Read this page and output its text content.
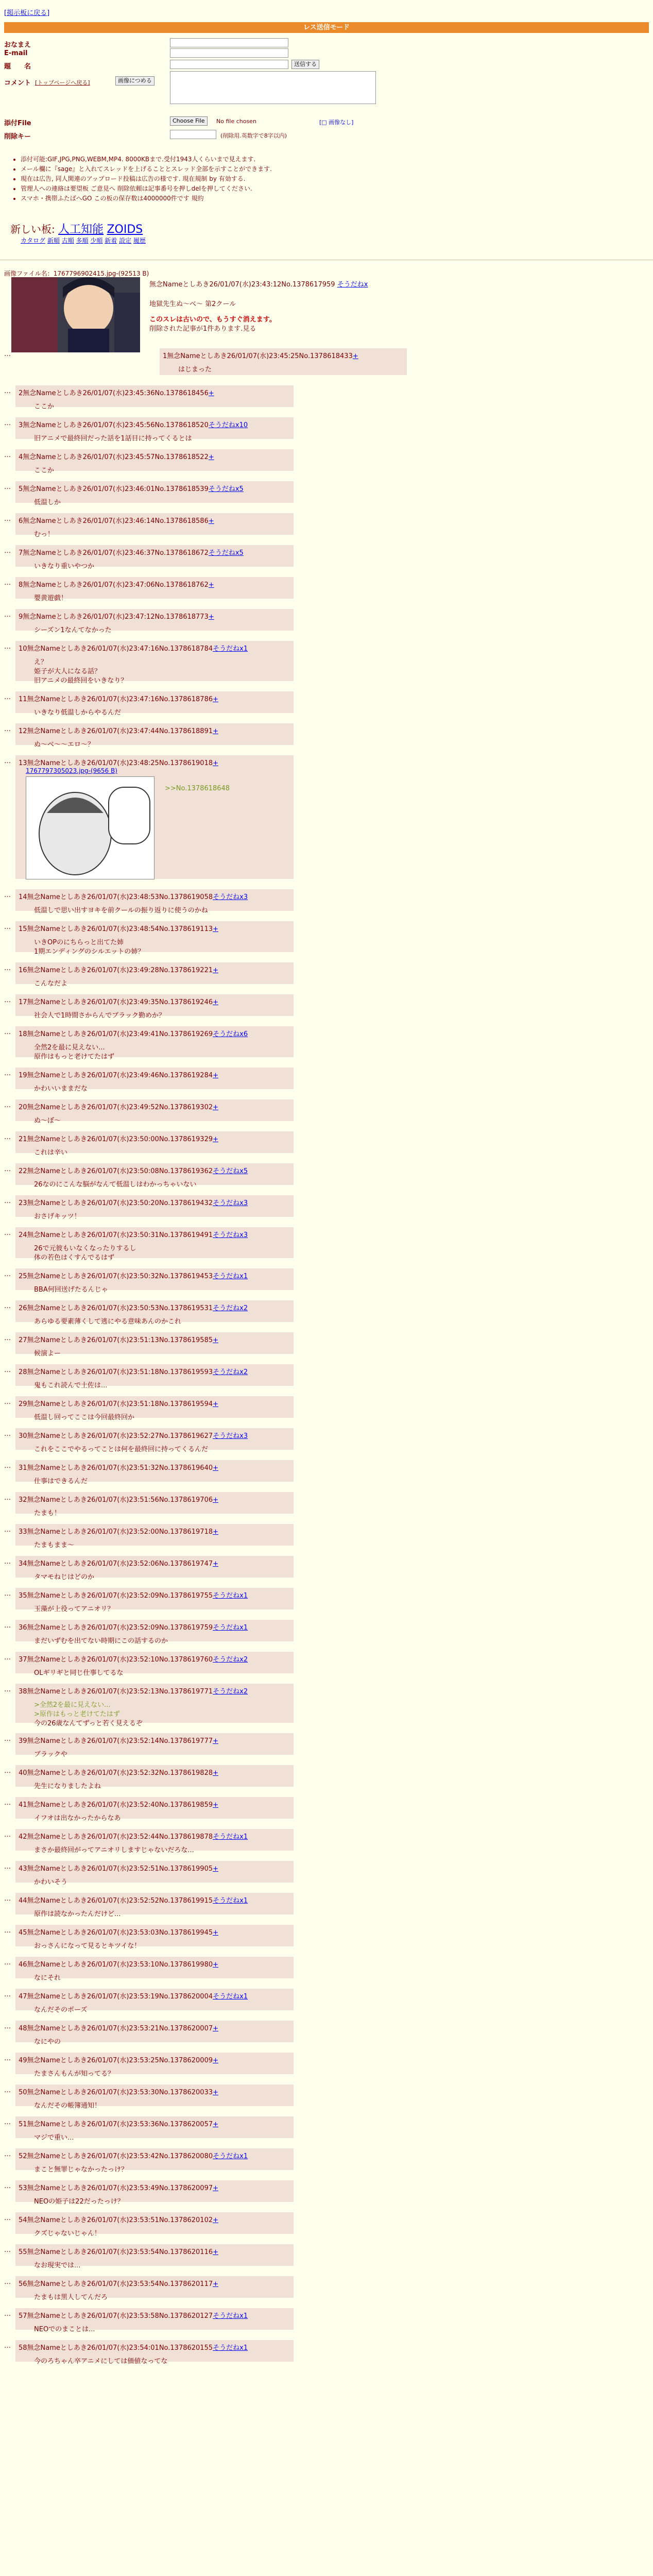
[掲示板に戻る]
レス送信モード
おなまえ
E-mail
題　　名	送信する
コメント [トップページへ戻る]	画像につめる
添付File	Choose File	No file chosen	[□ 画像なし]
削除キー	(削除用.英数字で8字以内)
• 添付可能:GIF,JPG,PNG,WEBM,MP4. 8000KBまで.受付1943人くらいまで見えます.
• メール欄に『sage』と入れてスレッドを上げることとスレッド全部を示すことができます.
• 現在は広告, 同人関連のアップロード投稿は広告の様です. 現在規制 by 有効する.
• 管理人への連絡は要望板 ご意見へ 削除依頼は記事番号を押しdelを押してください.
• スマホ・携帯ふたばへGO この板の保存数は4000000件です 規約
新しい板: 人工知能 ZOIDS
カタログ 新順 古順 多順 少順 新着 設定 履歴
画像ファイル名：1767796902415.jpg-(92513 B)
無念Nameとしあき26/01/07(水)23:43:12No.1378617959 そうだねx
地獄先生ぬ〜べ〜 第2クール
このスレは古いので、もうすぐ消えます。
削除された記事が1件あります.見る
…	1無念Nameとしあき26/01/07(水)23:45:25No.1378618433+
はじまった
… 2無念Nameとしあき26/01/07(水)23:45:36No.1378618456+
ここか
… 3無念Nameとしあき26/01/07(水)23:45:56No.1378618520そうだねx10
旧アニメで最終回だった話を1話目に持ってくるとは
… 4無念Nameとしあき26/01/07(水)23:45:57No.1378618522+
ここか
… 5無念Nameとしあき26/01/07(水)23:46:01No.1378618539そうだねx5
低温しか
… 6無念Nameとしあき26/01/07(水)23:46:14No.1378618586+
むっ！
… 7無念Nameとしあき26/01/07(水)23:46:37No.1378618672そうだねx5
いきなり重いやつか
… 8無念Nameとしあき26/01/07(水)23:47:06No.1378618762+
嬰黄遊戯！
… 9無念Nameとしあき26/01/07(水)23:47:12No.1378618773+
シーズン1なんてなかった
… 10無念Nameとしあき26/01/07(水)23:47:16No.1378618784そうだねx1
え？
姫子が大人になる話？
旧アニメの最終回をいきなり？
… 11無念Nameとしあき26/01/07(水)23:47:16No.1378618786+
いきなり低温しからやるんだ
… 12無念Nameとしあき26/01/07(水)23:47:44No.1378618891+
ぬ〜べ〜〜エロ〜？
… 13無念Nameとしあき26/01/07(水)23:48:25No.1378619018+
1767797305023.jpg-(9656 B)
>>No.1378618648
… 14無念Nameとしあき26/01/07(水)23:48:53No.1378619058そうだねx3
低温しで思い出すヨキを前クールの振り返りに使うのかね
… 15無念Nameとしあき26/01/07(水)23:48:54No.1378619113+
いきOPのにちらっと出てた姉
1期エンディングのシルエットの姉？
… 16無念Nameとしあき26/01/07(水)23:49:28No.1378619221+
こんなだよ
… 17無念Nameとしあき26/01/07(水)23:49:35No.1378619246+
社会人で1時間さからんでブラック勤めか？
… 18無念Nameとしあき26/01/07(水)23:49:41No.1378619269そうだねx6
全然2を最に見えない...
原作はもっと老けてたはず
… 19無念Nameとしあき26/01/07(水)23:49:46No.1378619284+
かわいいままだな
… 20無念Nameとしあき26/01/07(水)23:49:52No.1378619302+
ぬ〜ぼ〜
… 21無念Nameとしあき26/01/07(水)23:50:00No.1378619329+
これは辛い
… 22無念Nameとしあき26/01/07(水)23:50:08No.1378619362そうだねx5
26なのにこんな脳がなんて低温しはわかっちゃいない
… 23無念Nameとしあき26/01/07(水)23:50:20No.1378619432そうだねx3
おさげキッツ！
… 24無念Nameとしあき26/01/07(水)23:50:31No.1378619491そうだねx3
26で元彼もいなくなったりするし
体の若色はくすんでるはず
… 25無念Nameとしあき26/01/07(水)23:50:32No.1378619453そうだねx1
BBA何回送げたるんじゃ
… 26無念Nameとしあき26/01/07(水)23:50:53No.1378619531そうだねx2
あらゆる要素薄くして逃にやる意味あんのかこれ
… 27無念Nameとしあき26/01/07(水)23:51:13No.1378619585+
候演よー
… 28無念Nameとしあき26/01/07(水)23:51:18No.1378619593そうだねx2
鬼もこれ読んで土佐は...
… 29無念Nameとしあき26/01/07(水)23:51:18No.1378619594+
低温し回ってここは今回最終回か
… 30無念Nameとしあき26/01/07(水)23:52:27No.1378619627そうだねx3
これをここでやるってことは何を最終回に持ってくるんだ
… 31無念Nameとしあき26/01/07(水)23:51:32No.1378619640+
仕事はできるんだ
… 32無念Nameとしあき26/01/07(水)23:51:56No.1378619706+
たまも！
… 33無念Nameとしあき26/01/07(水)23:52:00No.1378619718+
たまもまま〜
… 34無念Nameとしあき26/01/07(水)23:52:06No.1378619747+
タマモねじはどのか
… 35無念Nameとしあき26/01/07(水)23:52:09No.1378619755そうだねx1
玉藻が上役ってアニオリ？
… 36無念Nameとしあき26/01/07(水)23:52:09No.1378619759そうだねx1
まだいずむを出てない時期にこの話するのか
… 37無念Nameとしあき26/01/07(水)23:52:10No.1378619760そうだねx2
OLギリギと同じ仕事してるな
… 38無念Nameとしあき26/01/07(水)23:52:13No.1378619771そうだねx2
>全然2を最に見えない...
>原作はもっと老けてたはず
今の26歳なんてずっと若く見えるぞ
… 39無念Nameとしあき26/01/07(水)23:52:14No.1378619777+
ブラックや
… 40無念Nameとしあき26/01/07(水)23:52:32No.1378619828+
先生になりましたよね
… 41無念Nameとしあき26/01/07(水)23:52:40No.1378619859+
イフオは出なかったからなあ
… 42無念Nameとしあき26/01/07(水)23:52:44No.1378619878そうだねx1
まさか最終回がってアニオリしますじゃないだろな...
… 43無念Nameとしあき26/01/07(水)23:52:51No.1378619905+
かわいそう
… 44無念Nameとしあき26/01/07(水)23:52:52No.1378619915そうだねx1
原作は読なかったんだけど...
… 45無念Nameとしあき26/01/07(水)23:53:03No.1378619945+
おっさんになって見るとキツイな！
… 46無念Nameとしあき26/01/07(水)23:53:10No.1378619980+
なにそれ
… 47無念Nameとしあき26/01/07(水)23:53:19No.1378620004そうだねx1
なんだそのポーズ
… 48無念Nameとしあき26/01/07(水)23:53:21No.1378620007+
なにやの
… 49無念Nameとしあき26/01/07(水)23:53:25No.1378620009+
たまさんもんが知ってる？
… 50無念Nameとしあき26/01/07(水)23:53:30No.1378620033+
なんだその帳簿通知！
… 51無念Nameとしあき26/01/07(水)23:53:36No.1378620057+
マジで重い...
… 52無念Nameとしあき26/01/07(水)23:53:42No.1378620080そうだねx1
まこと無罪じゃなかったっけ？
… 53無念Nameとしあき26/01/07(水)23:53:49No.1378620097+
NEOの姫子は22だったっけ？
… 54無念Nameとしあき26/01/07(水)23:53:51No.1378620102+
クズじゃないじゃん！
… 55無念Nameとしあき26/01/07(水)23:53:54No.1378620116+
なお現実では...
… 56無念Nameとしあき26/01/07(水)23:53:54No.1378620117+
たまもは黒人してんだろ
… 57無念Nameとしあき26/01/07(水)23:53:58No.1378620127そうだねx1
NEOでのまことは...
… 58無念Nameとしあき26/01/07(水)23:54:01No.1378620155そうだねx1
今のろちゃん卒アニメにしては価値なってな
